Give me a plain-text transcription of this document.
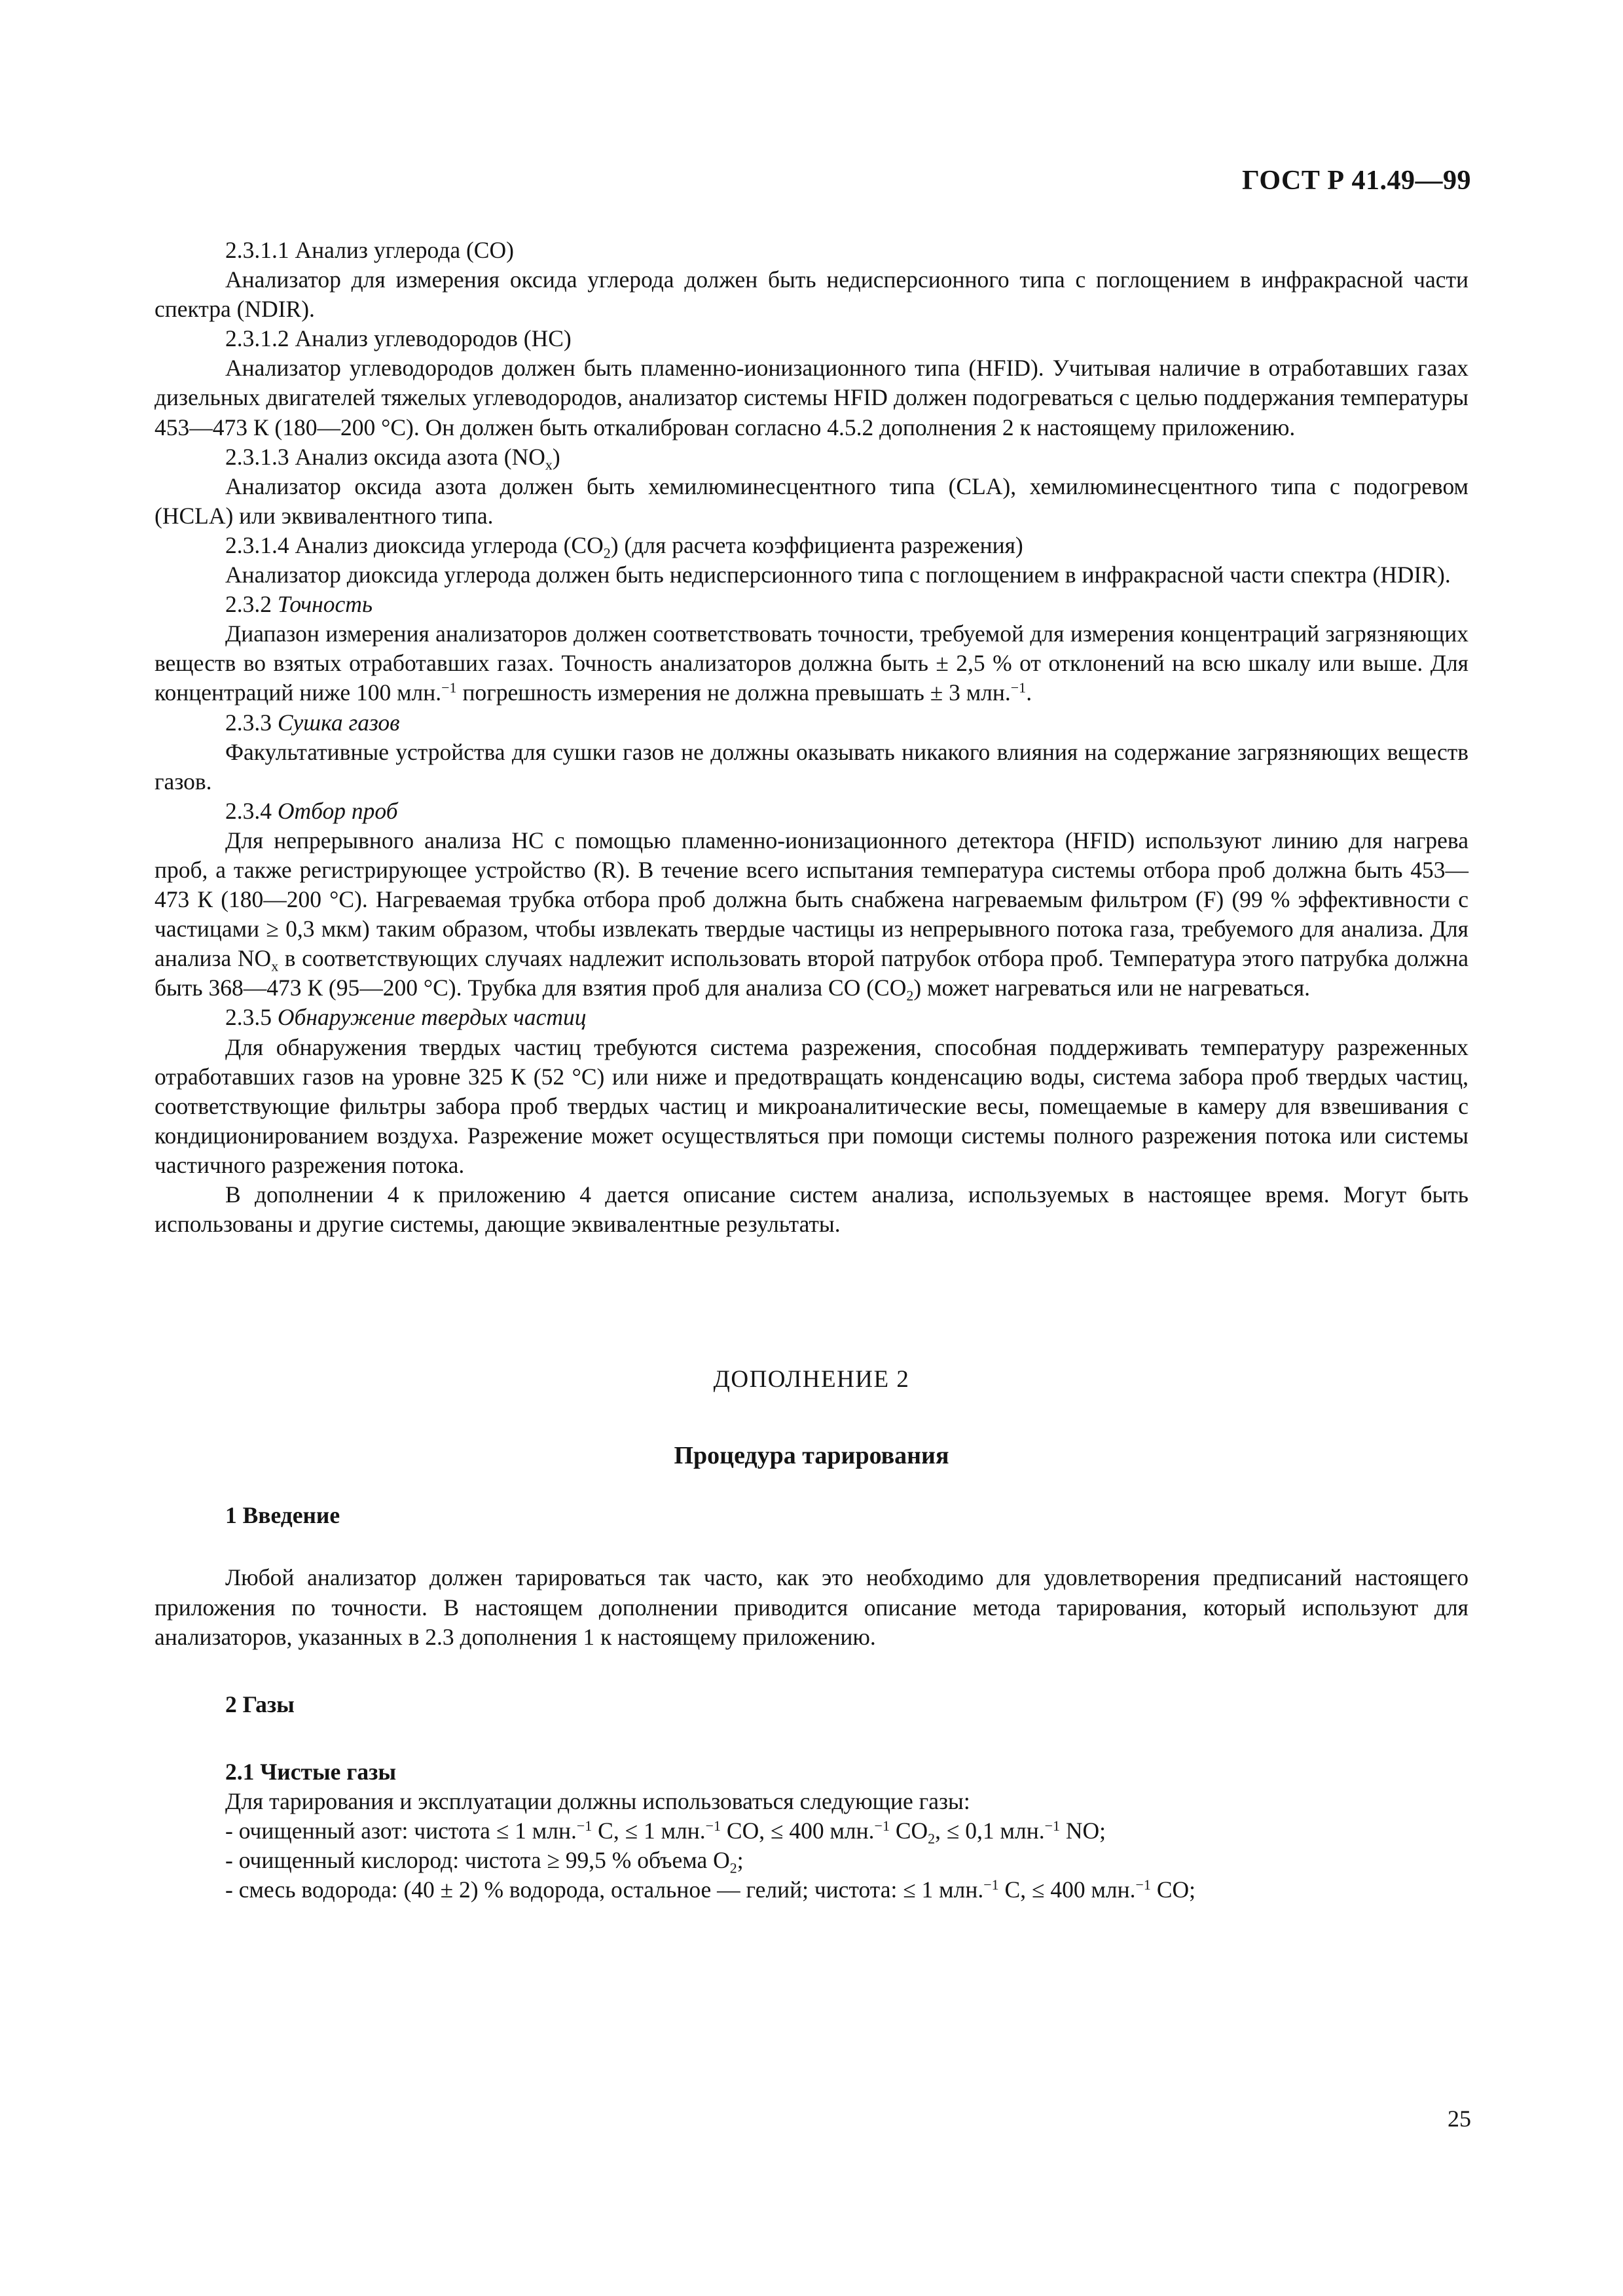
ГОСТ Р 41.49—99

2.3.1.1 Анализ углерода (СО)

Анализатор для измерения оксида углерода должен быть недисперсионного типа с поглощением в инфракрасной части спектра (NDIR).

2.3.1.2 Анализ углеводородов (НС)

Анализатор углеводородов должен быть пламенно-ионизационного типа (HFID). Учитывая наличие в отработавших газах дизельных двигателей тяжелых углеводородов, анализатор системы HFID должен подогреваться с целью поддержания температуры 453—473 К (180—200 °С). Он должен быть откалиброван согласно 4.5.2 дополнения 2 к настоящему приложению.

2.3.1.3 Анализ оксида азота $(NO_x)$

Анализатор оксида азота должен быть хемилюминесцентного типа (CLA), хемилюминесцентного типа с подогревом (HCLA) или эквивалентного типа.

2.3.1.4 Анализ диоксида углерода $(СО_2)$ (для расчета коэффициента разрежения)

Анализатор диоксида углерода должен быть недисперсионного типа с поглощением в инфракрасной части спектра (HDIR).

2.3.2 Точность

Диапазон измерения анализаторов должен соответствовать точности, требуемой для измерения концентраций загрязняющих веществ во взятых отработавших газах. Точность анализаторов должна быть ± 2,5 % от отклонений на всю шкалу или выше. Для концентраций ниже 100 млн.$^{-1}$ погрешность измерения не должна превышать ± 3 млн.$^{-1}$.

2.3.3 Сушка газов

Факультативные устройства для сушки газов не должны оказывать никакого влияния на содержание загрязняющих веществ газов.

2.3.4 Отбор проб

Для непрерывного анализа НС с помощью пламенно-ионизационного детектора (HFID) используют линию для нагрева проб, а также регистрирующее устройство (R). В течение всего испытания температура системы отбора проб должна быть 453—473 К (180—200 °С). Нагреваемая трубка отбора проб должна быть снабжена нагреваемым фильтром (F) (99 % эффективности с частицами ≥ 0,3 мкм) таким образом, чтобы извлекать твердые частицы из непрерывного потока газа, требуемого для анализа. Для анализа $NO_x$ в соответствующих случаях надлежит использовать второй патрубок отбора проб. Температура этого патрубка должна быть 368—473 К (95—200 °С). Трубка для взятия проб для анализа СО $(СО_2)$ может нагреваться или не нагреваться.

2.3.5 Обнаружение твердых частиц

Для обнаружения твердых частиц требуются система разрежения, способная поддерживать температуру разреженных отработавших газов на уровне 325 К (52 °С) или ниже и предотвращать конденсацию воды, система забора проб твердых частиц, соответствующие фильтры забора проб твердых частиц и микроаналитические весы, помещаемые в камеру для взвешивания с кондиционированием воздуха. Разрежение может осуществляться при помощи системы полного разрежения потока или системы частичного разрежения потока.

В дополнении 4 к приложению 4 дается описание систем анализа, используемых в настоящее время. Могут быть использованы и другие системы, дающие эквивалентные результаты.

ДОПОЛНЕНИЕ 2

Процедура тарирования

1 Введение

Любой анализатор должен тарироваться так часто, как это необходимо для удовлетворения предписаний настоящего приложения по точности. В настоящем дополнении приводится описание метода тарирования, который используют для анализаторов, указанных в 2.3 дополнения 1 к настоящему приложению.

2 Газы

2.1 Чистые газы

Для тарирования и эксплуатации должны использоваться следующие газы:

- очищенный азот: чистота ≤ 1 млн.$^{-1}$ С, ≤ 1 млн.$^{-1}$ СО, ≤ 400 млн.$^{-1}$ $СО_2$, ≤ 0,1 млн.$^{-1}$ NO;

- очищенный кислород: чистота ≥ 99,5 % объема $O_2$;

- смесь водорода: (40 ± 2) % водорода, остальное — гелий; чистота: ≤ 1 млн.$^{-1}$ С, ≤ 400 млн.$^{-1}$ СО;

25
